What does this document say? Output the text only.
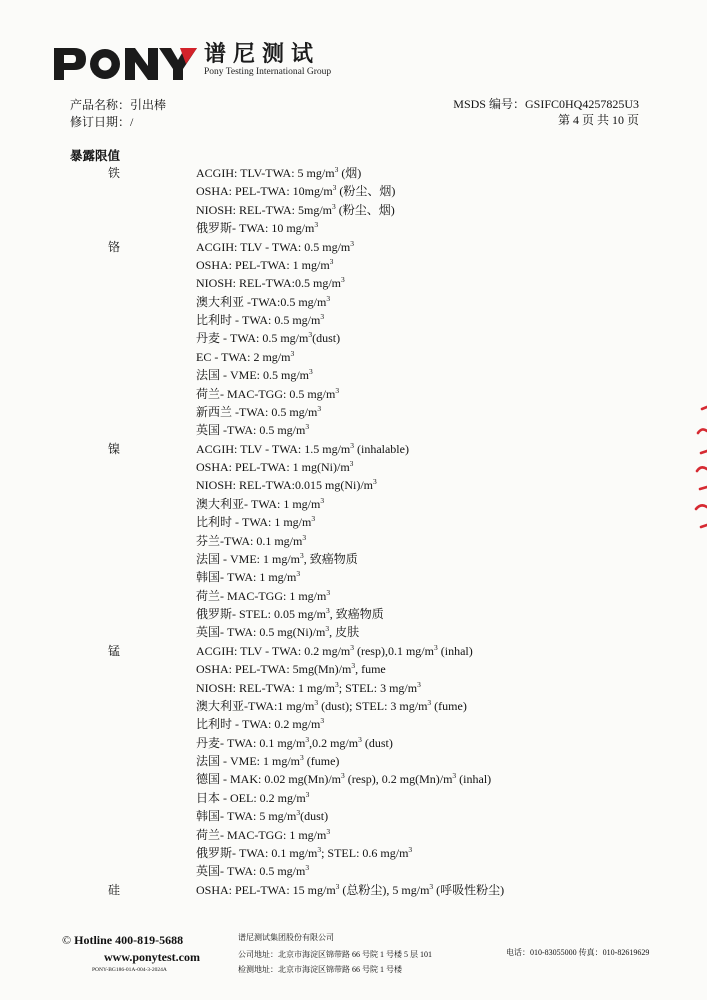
谱尼测试
Pony Testing International Group
产品名称：引出棒
修订日期：/
MSDS 编号：GSIFC0HQ4257825U3
第 4 页 共 10 页
暴露限值
铁	ACGIH: TLV-TWA: 5 $mg/m^3$ (烟)
OSHA: PEL-TWA: $10mg/m^3$ (粉尘、烟)
NIOSH: REL-TWA: $5mg/m^3$ (粉尘、烟)
俄罗斯- TWA: 10 $mg/m^3$
铬	ACGIH: TLV - TWA: 0.5 $mg/m^3$
OSHA: PEL-TWA: 1 $mg/m^3$
NIOSH: REL-TWA:0.5 $mg/m^3$
澳大利亚 -TWA:0.5 $mg/m^3$
比利时 - TWA: 0.5 $mg/m^3$
丹麦 - TWA: 0.5 $mg/m^3(dust)$
EC - TWA: 2 $mg/m^3$
法国 - VME: 0.5 $mg/m^3$
荷兰- MAC-TGG: 0.5 $mg/m^3$
新西兰 -TWA: 0.5 $mg/m^3$
英国 -TWA: 0.5 $mg/m^3$
镍	ACGIH: TLV - TWA: 1.5 $mg/m^3$ (inhalable)
OSHA: PEL-TWA: 1 $mg(Ni)/m^3$
NIOSH: REL-TWA:0.015 $mg(Ni)/m^3$
澳大利亚- TWA: 1 $mg/m^3$
比利时 - TWA: 1 $mg/m^3$
芬兰-TWA: 0.1 $mg/m^3$
法国 - VME: 1 $mg/m^3$, 致癌物质
韩国- TWA: 1 $mg/m^3$
荷兰- MAC-TGG: 1 $mg/m^3$
俄罗斯- STEL: 0.05 $mg/m^3$, 致癌物质
英国- TWA: 0.5 $mg(Ni)/m^3$, 皮肤
锰	ACGIH: TLV - TWA: 0.2 $mg/m^3$ (resp),0.1 $mg/m^3$ (inhal)
OSHA: PEL-TWA: $5mg(Mn)/m^3$, fume
NIOSH: REL-TWA: 1 $mg/m^3$; STEL: 3 $mg/m^3$
澳大利亚-TWA:1 $mg/m^3$ (dust); STEL: 3 $mg/m^3$ (fume)
比利时 - TWA: 0.2 $mg/m^3$
丹麦- TWA: 0.1 $mg/m^3,0.2$ $mg/m^3$ (dust)
法国 - VME: 1 $mg/m^3$ (fume)
德国 - MAK: 0.02 $mg(Mn)/m^3$ (resp), 0.2 $mg(Mn)/m^3$ (inhal)
日本 - OEL: 0.2 $mg/m^3$
韩国- TWA: 5 $mg/m^3(dust)$
荷兰- MAC-TGG: 1 $mg/m^3$
俄罗斯- TWA: 0.1 $mg/m^3$; STEL: 0.6 $mg/m^3$
英国- TWA: 0.5 $mg/m^3$
硅	OSHA: PEL-TWA: 15 $mg/m^3$ (总粉尘), 5 $mg/m^3$ (呼吸性粉尘)
© Hotline 400-819-5688
www.ponytest.com
PONY-BG186-01A-004-3-2024A
谱尼测试集团股份有限公司
公司地址：北京市海淀区锦带路 66 号院 1 号楼 5 层 101
检测地址：北京市海淀区锦带路 66 号院 1 号楼
电话：010-83055000 传真：010-82619629
